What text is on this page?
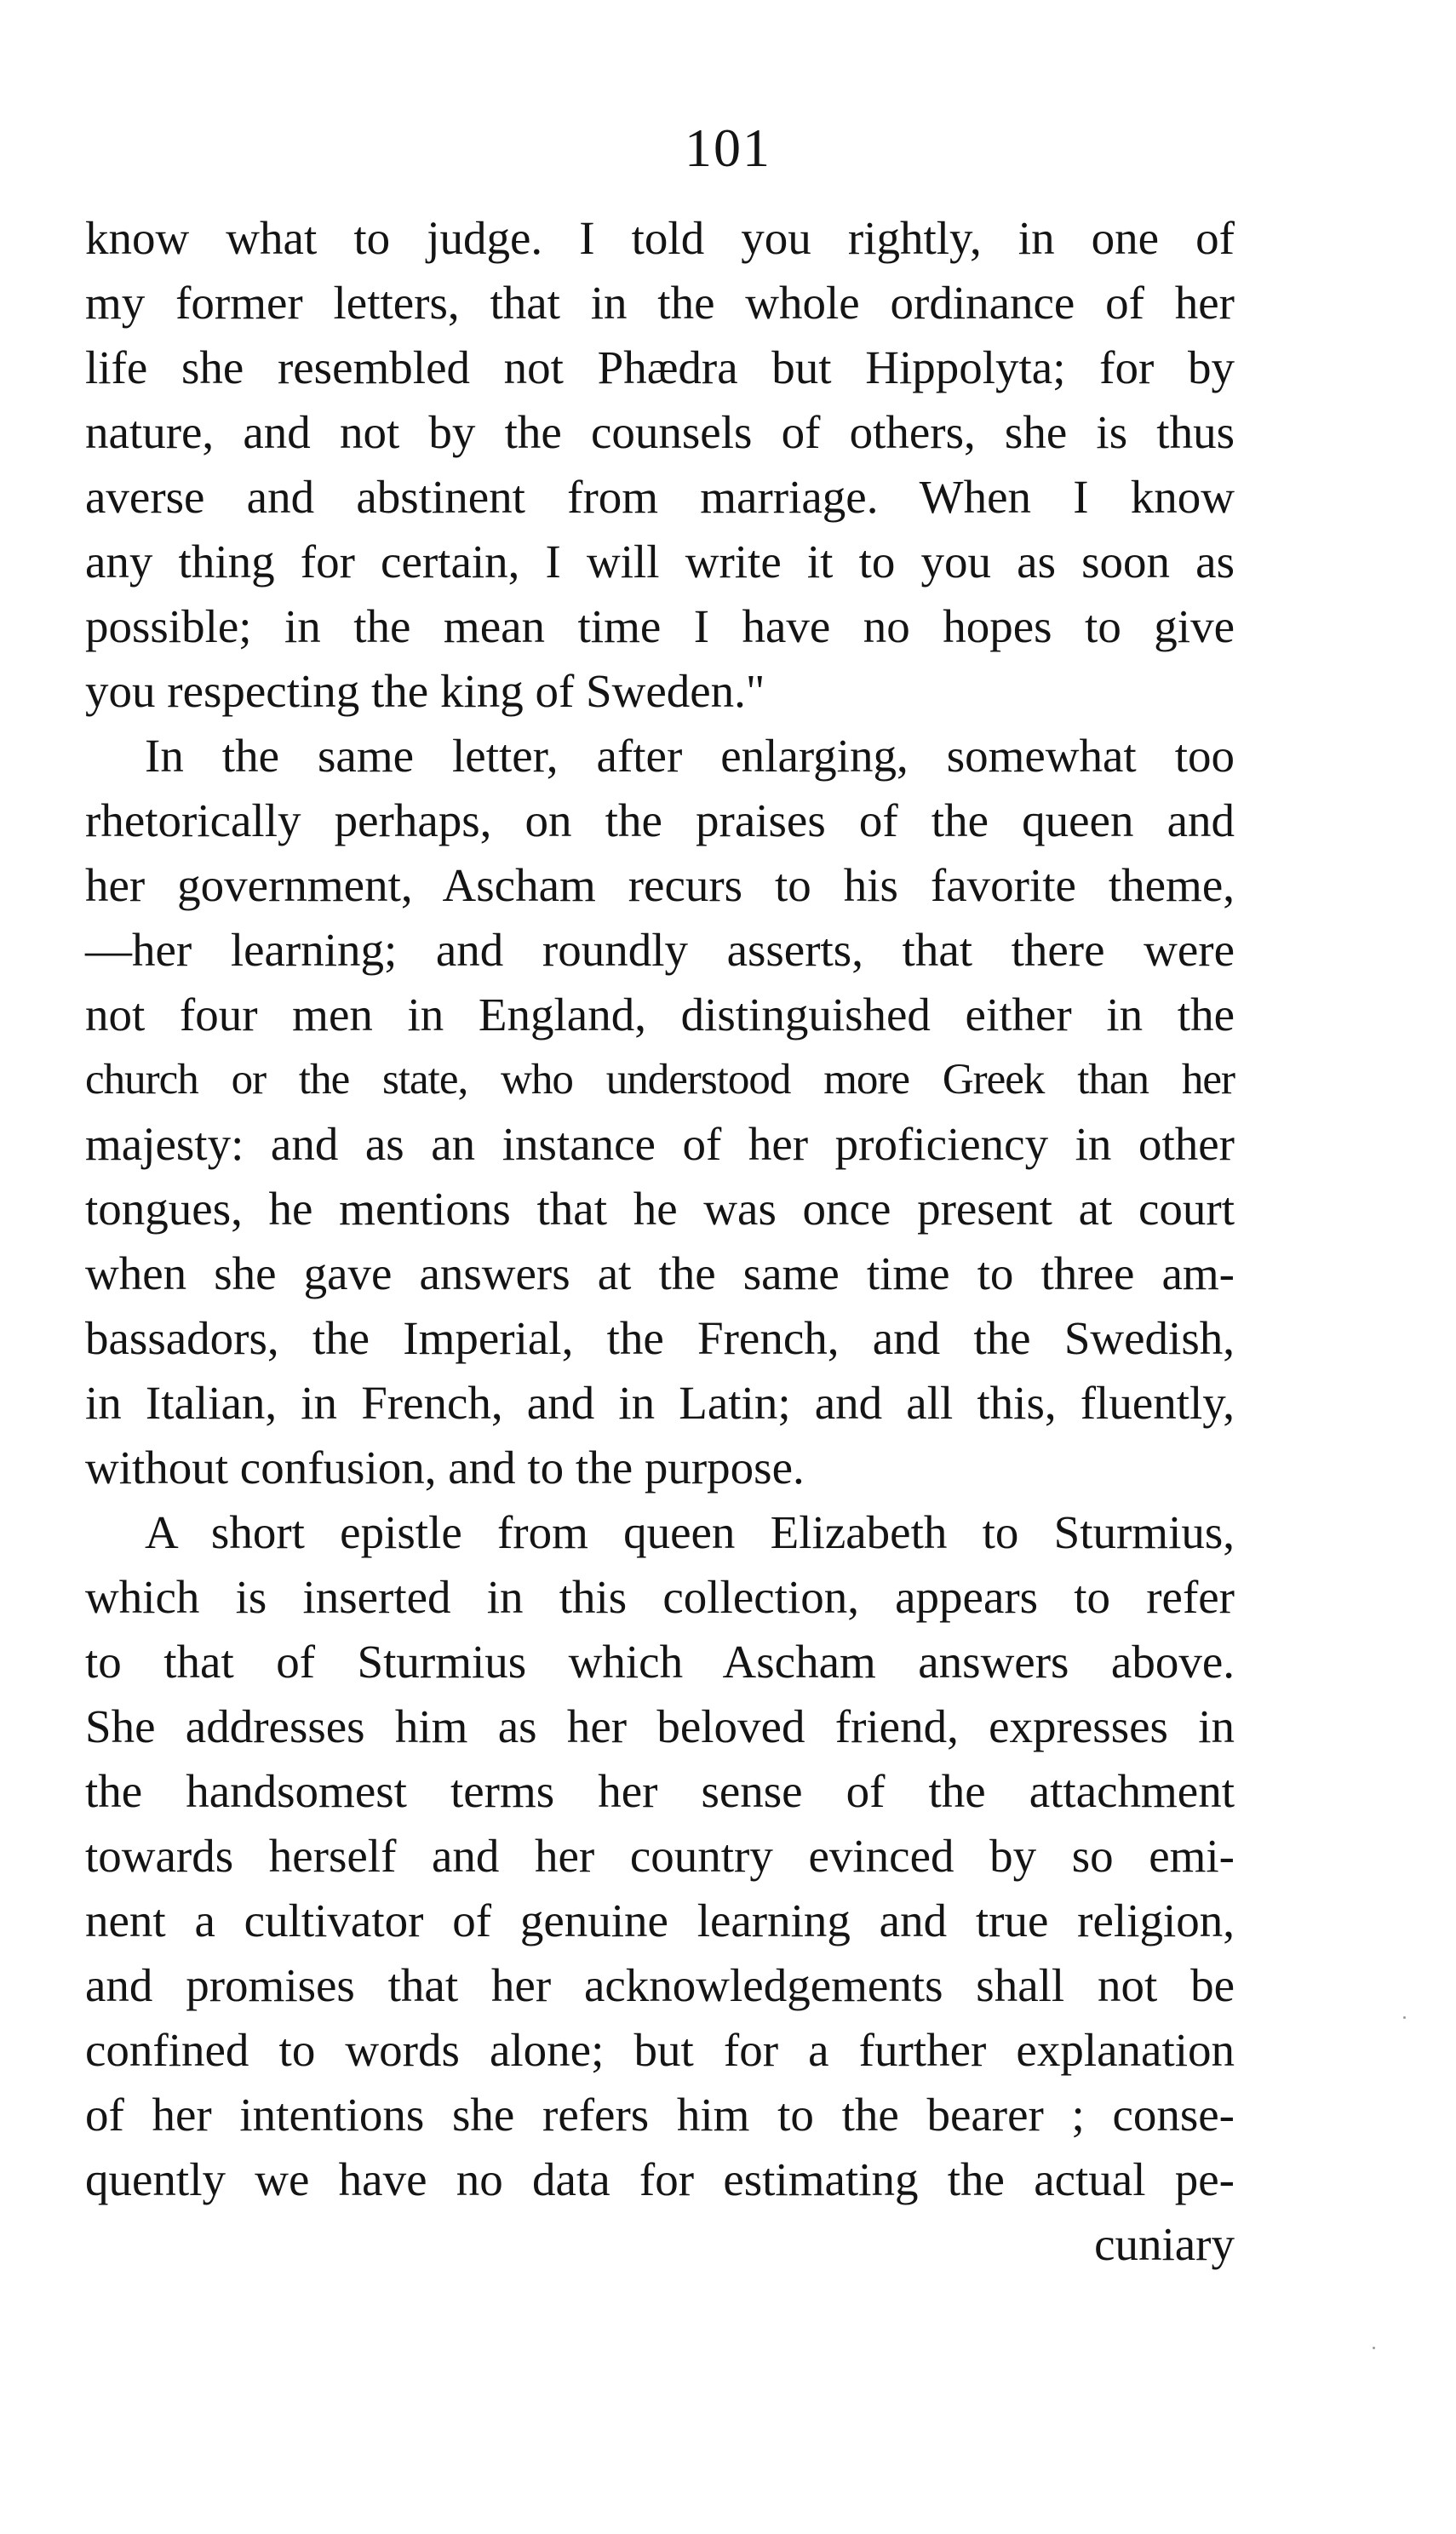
101
know what to judge. I told you rightly, in one of
my former letters, that in the whole ordinance of her
life she resembled not Phædra but Hippolyta; for by
nature, and not by the counsels of others, she is thus
averse and abstinent from marriage. When I know
any thing for certain, I will write it to you as soon as
possible; in the mean time I have no hopes to give
you respecting the king of Sweden."
In the same letter, after enlarging, somewhat too
rhetorically perhaps, on the praises of the queen and
her government, Ascham recurs to his favorite theme,
—her learning; and roundly asserts, that there were
not four men in England, distinguished either in the
church or the state, who understood more Greek than her
majesty: and as an instance of her proficiency in other
tongues, he mentions that he was once present at court
when she gave answers at the same time to three am-
bassadors, the Imperial, the French, and the Swedish,
in Italian, in French, and in Latin; and all this, fluently,
without confusion, and to the purpose.
A short epistle from queen Elizabeth to Sturmius,
which is inserted in this collection, appears to refer
to that of Sturmius which Ascham answers above.
She addresses him as her beloved friend, expresses in
the handsomest terms her sense of the attachment
towards herself and her country evinced by so emi-
nent a cultivator of genuine learning and true religion,
and promises that her acknowledgements shall not be
confined to words alone; but for a further explanation
of her intentions she refers him to the bearer ; conse-
quently we have no data for estimating the actual pe-
cuniary
